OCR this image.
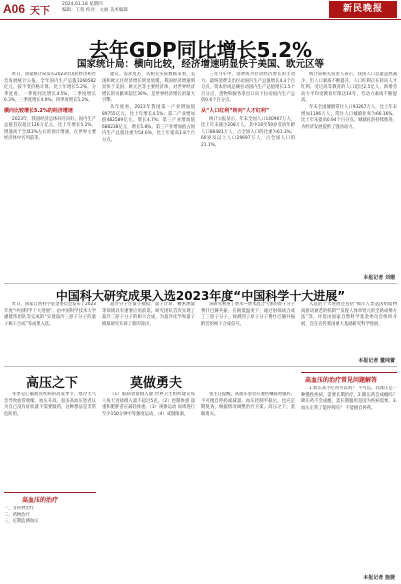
A06 天下
2024.01.18 星期四
编辑：王蓉 校对：文丽 美术编辑	新民晚报
去年GDP同比增长5.2%
国家统计局：横向比较，经济增速明显快于美国、欧元区等

昨日，国家统计局发布2023年国民经济和社会发展统计公报。全年国内生产总值1260582亿元，按不变价格计算，比上年增长5.2%。分季度看，一季度同比增长4.5%，二季度增长6.3%，三季度增长4.9%，四季度增长5.2%。

横向比较增长5.2%的经济增速

2023年，我国经济总体回升向好，国内生产总值首次超过126万亿元，比上年增长5.2%，增速高于全球3%左右的预计增速，在世界主要经济体中名列前茅。

建议、需求复苏，从相关实际数据来看，美国和欧元区经济增长明显放缓，我国经济增速明显快于美国、欧元区等主要经济体，对世界经济增长的贡献率超过30%，是世界经济增长的最大引擎。

从年度看，2023年我国第一产业增加值89755亿元，比上年增长4.1%；第二产业增加值482589亿元，增长4.7%；第三产业增加值688238亿元，增长5.8%。第三产业增加值占国内生产总值比重为54.6%，比上年提高1.8个百分点。

三驾马车中，消费成为拉动经济增长的主动力。最终消费支出拉动国内生产总值增长4.3个百分点，资本形成总额拉动国内生产总值增长1.5个百分点，货物和服务净出口向下拉动国内生产总值0.6个百分点。

从“人口红利”转向“人才红利”

统计公报显示，年末全国人口140967万人，比上年末减少208万人。其中16至59岁劳动年龄人口86481万人，占全国人口的比重为61.3%；60岁及以上人口29697万人，占全国人口的21.1%。

统计局相关负责人表示，我国人口总量虽然减少，但人口素质不断提升，人口红利正在转向人才红利。受过高等教育的人口超过2.5亿人，新增劳动力平均受教育年限达14年，劳动力素质不断提高。

年末全国城镇常住人口93267万人，比上年末增加1196万人；常住人口城镇化率为66.16%，比上年末提高0.94个百分点。城镇化的持续推进，为经济发展提供了强劲动力。

本报记者 刘珊
中国科大研究成果入选2023年度“中国科学十大进展”

昨日，国家自然科学基金委员会发布了2023年度“中国科学十大进展”。由中国科学技术大学潘建伟团队等完成的“实现超冷三原子分子的量子相干合成”等成果入选。

超冷分子在量子模拟、量子计算、精密测量等领域具有重要应用前景。研究团队首次实现了超冷三原子分子的相干合成，为超冷化学和量子模拟研究开辟了新的途径。

该研究利用了费米—费米混合气体的原子分子费什巴赫共振，在极低温度下，通过射频场合成了三原子分子，观测到了原子分子费什巴赫共振附近的相干合成信号。

入选的十大进展还包括“揭示人类基因组暗物质驱动衰老的机制”“发现人体单肾元的全新成像方法”等。评选由国家自然科学基金委员会组织开展，旨在宣传我国重大基础研究科学进展。

本报记者 董纯蕾
高压之下	莫做勇夫

冬季是心脑血管疾病的高发季节，寒冷天气会导致血管收缩，血压升高。很多高血压患者认为自己没有症状就不需要服药，这种想法是非常危险的。

高血压的治疗
一、非药物治疗
二、药物治疗
三、定期监测血压

（1）限制食盐摄入量 世界卫生组织建议每人每天食盐摄入量不超过5克。（2）控制体重 超重和肥胖者应减轻体重。（3）规律运动 每周进行至少150分钟中等强度运动。（4）戒烟限酒。

张主任提醒，高血压患者应遵医嘱按时服药，不可擅自停药或减量。血压控制平稳后，也应定期复查，根据情况调整治疗方案。高压之下，莫做勇夫。

高血压的治疗常见问题解答

1.血压高不吃药可以吗？ 不可以。高血压是一种慢性疾病，需要长期治疗。2.降压药会成瘾吗？ 降压药不会成瘾，需长期服用是因为疾病需要。3.血压正常了能停药吗？ 不能擅自停药。

本报记者 施捷
